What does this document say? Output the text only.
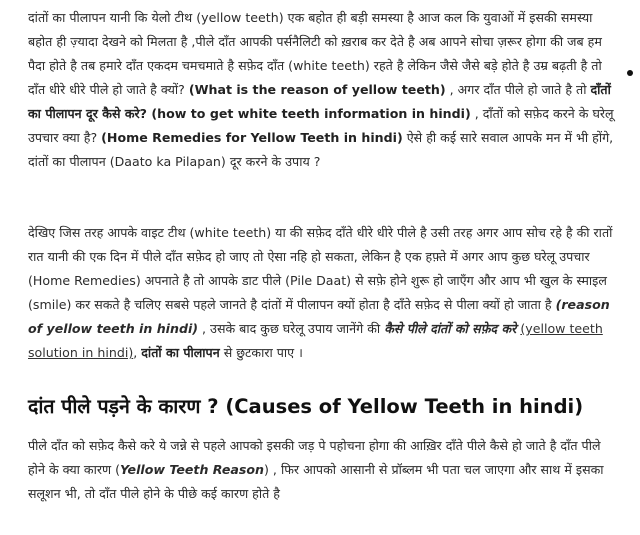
दांतों का पीलापन यानी कि येलो टीथ (yellow teeth) एक बहोत ही बड़ी समस्या है आज कल कि युवाओं में इसकी समस्या बहोत ही ज़्यादा देखने को मिलता है ,पीले दाँत आपकी पर्सनैलिटी को ख़राब कर देते है अब आपने सोचा ज़रूर होगा की जब हम पैदा होते है तब हमारे दाँत एकदम चमचमाते है सफ़ेद दाँत (white teeth) रहते है लेकिन जैसे जैसे बड़े होते है उम्र बढ़ती है तो दाँत धीरे धीरे पीले हो जाते है क्यों? (What is the reason of yellow teeth) , अगर दाँत पीले हो जाते है तो दाँतों का पीलापन दूर कैसे करे? (how to get white teeth information in hindi) , दाँतों को सफ़ेद करने के घरेलू उपचार क्या है? (Home Remedies for Yellow Teeth in hindi) ऐसे ही कई सारे सवाल आपके मन में भी होंगे, दांतों का पीलापन (Daato ka Pilapan) दूर करने के उपाय ?

देखिए जिस तरह आपके वाइट टीथ (white teeth) या की सफ़ेद दाँते धीरे धीरे पीले है उसी तरह अगर आप सोच रहे है की रातों रात यानी की एक दिन में पीले दाँत सफ़ेद हो जाए तो ऐसा नहि हो सकता, लेकिन है एक हफ़्ते में अगर आप कुछ घरेलू उपचार (Home Remedies) अपनाते है तो आपके डाट पीले (Pile Daat) से सफ़े होने शुरू हो जाएँग और आप भी खुल के स्माइल (smile) कर सकते है चलिए सबसे पहले जानते है दांतों में पीलापन क्यों होता है दाँते सफ़ेद से पीला क्यों हो जाता है (reason of yellow teeth in hindi) , उसके बाद कुछ घरेलू उपाय जानेंगे की कैसे पीले दांतों को सफ़ेद करे (yellow teeth solution in hindi), दांतों का पीलापन से छुटकारा पाए ।

दांत पीले पड़ने के कारण ? (Causes of Yellow Teeth in hindi)

पीले दाँत को सफ़ेद कैसे करे ये जन्ने से पहले आपको इसकी जड़ पे पहोचना होगा की आख़िर दाँते पीले कैसे हो जाते है दाँत पीले होने के क्या कारण (Yellow Teeth Reason) , फिर आपको आसानी से प्रॉब्लम भी पता चल जाएगा और साथ में इसका सलूशन भी, तो दाँत पीले होने के पीछे कई कारण होते है
